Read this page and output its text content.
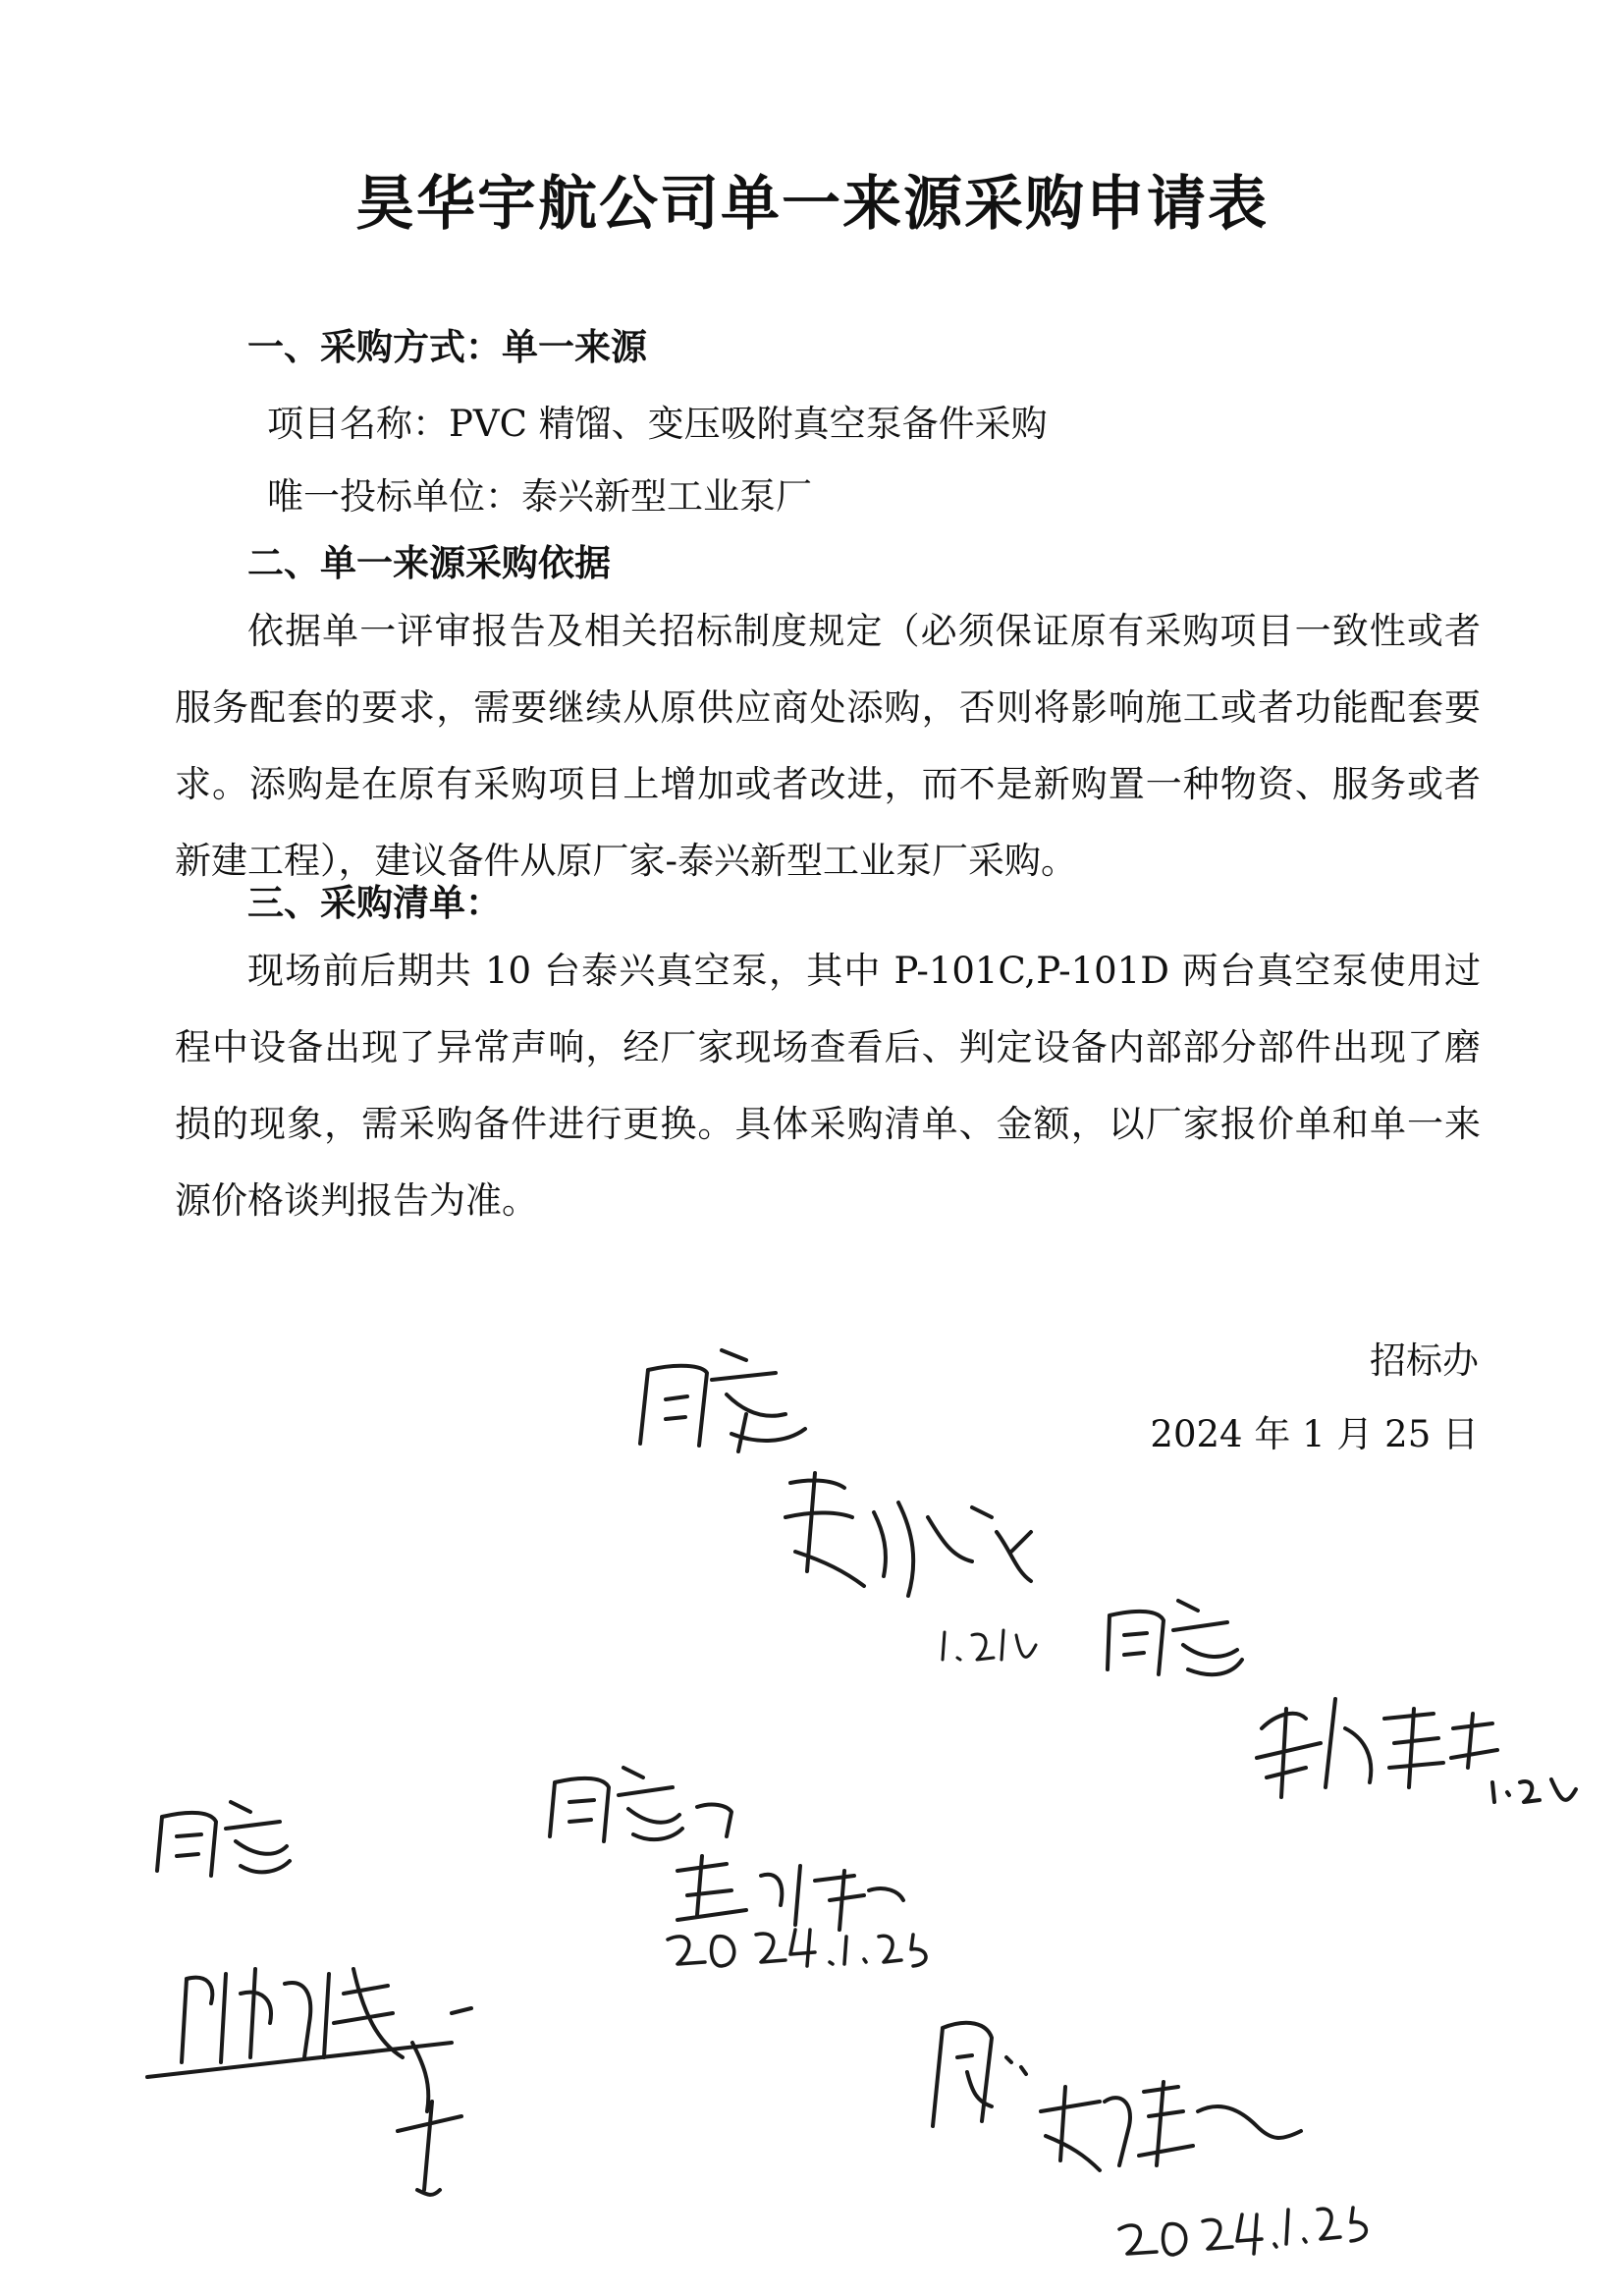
昊华宇航公司单一来源采购申请表
一、采购方式：单一来源
项目名称：PVC 精馏、变压吸附真空泵备件采购
唯一投标单位：泰兴新型工业泵厂
二、单一来源采购依据
依据单一评审报告及相关招标制度规定（必须保证原有采购项目一致性或者服务配套的要求，需要继续从原供应商处添购，否则将影响施工或者功能配套要求。添购是在原有采购项目上增加或者改进，而不是新购置一种物资、服务或者新建工程），建议备件从原厂家-泰兴新型工业泵厂采购。
三、采购清单：
现场前后期共 10 台泰兴真空泵，其中 P-101C,P-101D 两台真空泵使用过程中设备出现了异常声响，经厂家现场查看后、判定设备内部部分部件出现了磨损的现象，需采购备件进行更换。具体采购清单、金额，以厂家报价单和单一来源价格谈判报告为准。
招标办
2024 年 1 月 25 日
